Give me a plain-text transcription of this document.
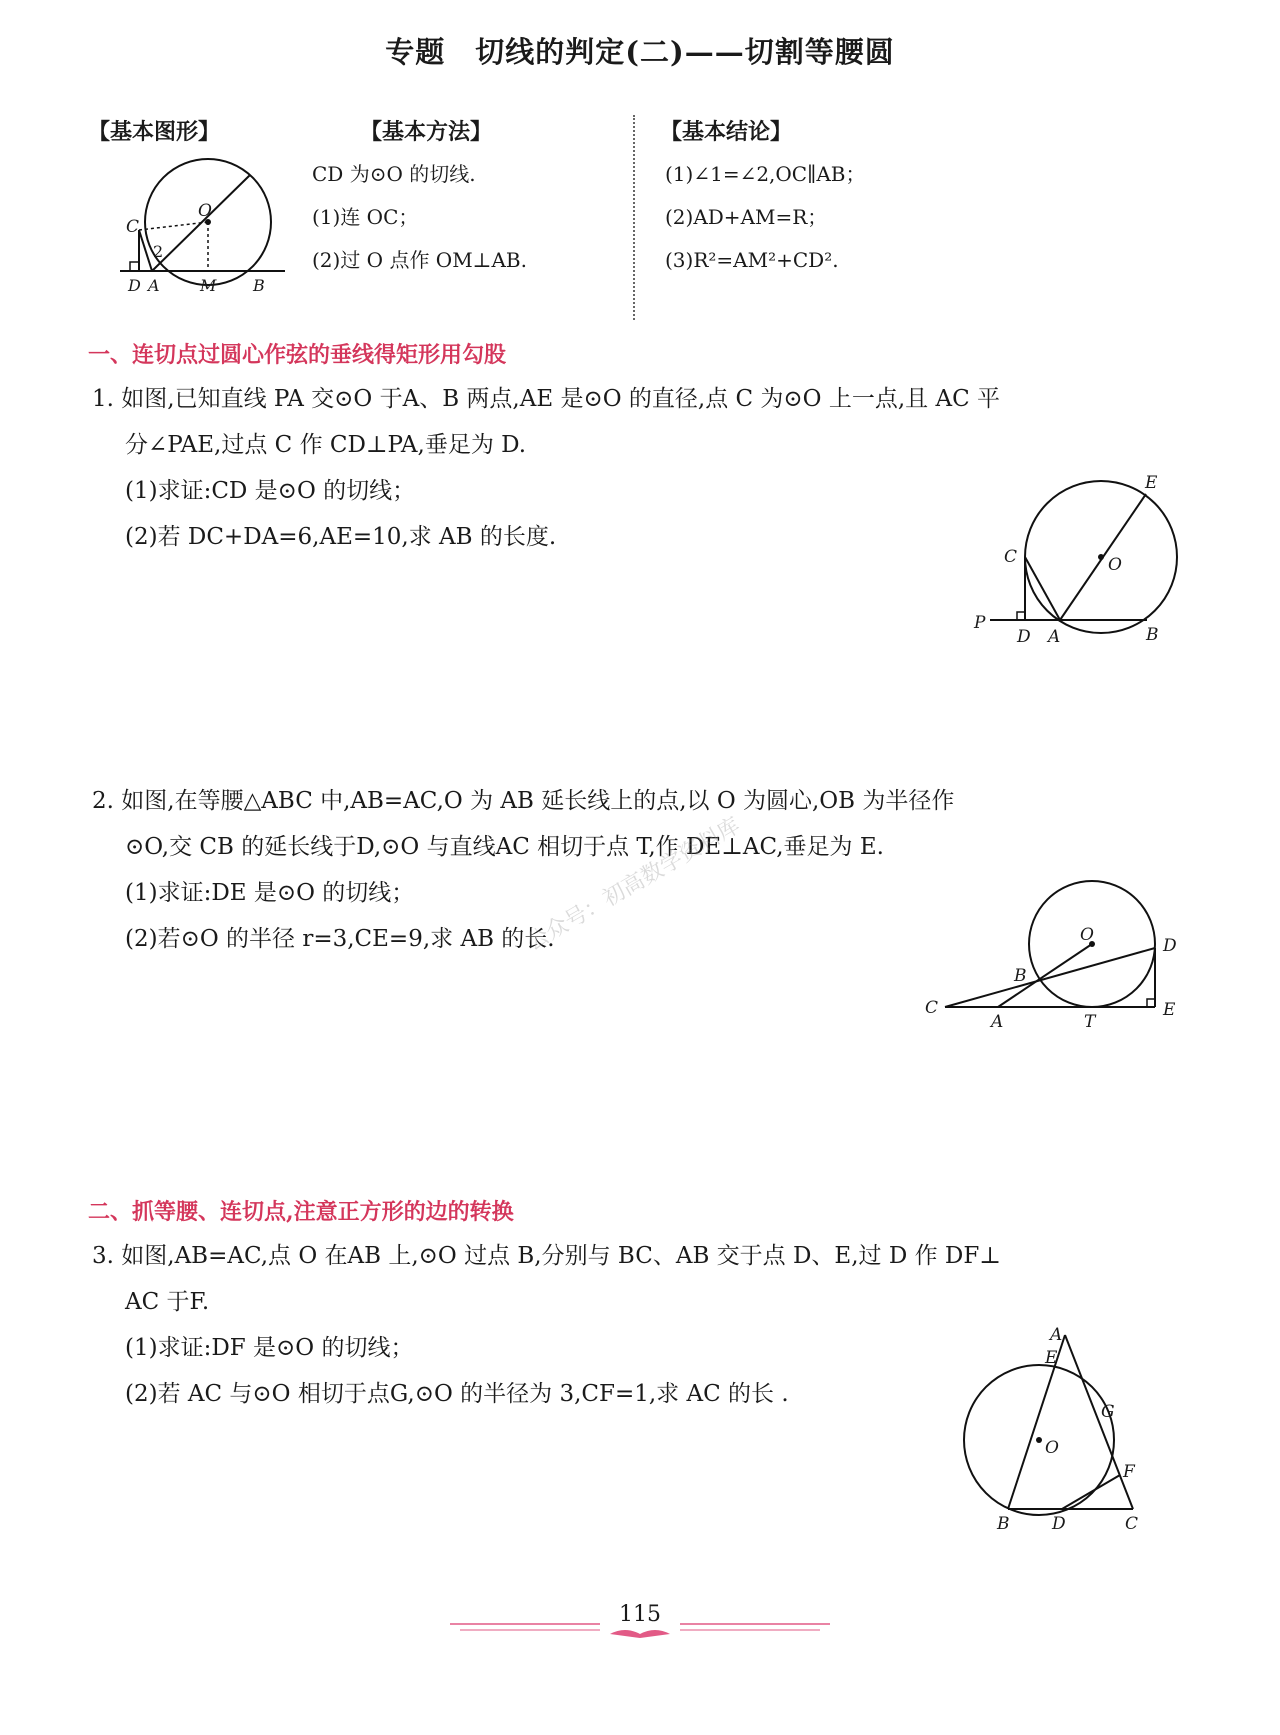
专题　切线的判定(二)——切割等腰圆
【基本图形】	【基本方法】	【基本结论】
C
O
2
D A	M B
CD 为⊙O 的切线.
(1)连 OC；
(2)过 O 点作 OM⊥AB.
(1)∠1=∠2,OC∥AB；
(2)AD+AM=R；
(3)R²=AM²+CD².
一、连切点过圆心作弦的垂线得矩形用勾股
1. 如图,已知直线 PA 交⊙O 于A、B 两点,AE 是⊙O 的直径,点 C 为⊙O 上一点,且 AC 平
分∠PAE,过点 C 作 CD⊥PA,垂足为 D.
(1)求证:CD 是⊙O 的切线；
(2)若 DC+DA=6,AE=10,求 AB 的长度.
E
C	O
P
D A	B
2. 如图,在等腰△ABC 中,AB=AC,O 为 AB 延长线上的点,以 O 为圆心,OB 为半径作
⊙O,交 CB 的延长线于D,⊙O 与直线AC 相切于点 T,作 DE⊥AC,垂足为 E.
(1)求证:DE 是⊙O 的切线；
(2)若⊙O 的半径 r=3,CE=9,求 AB 的长.
公众号：初高数学资料库	O
D
B
C
A	T
E
二、抓等腰、连切点,注意正方形的边的转换
3. 如图,AB=AC,点 O 在AB 上,⊙O 过点 B,分别与 BC、AB 交于点 D、E,过 D 作 DF⊥
AC 于F.
(1)求证:DF 是⊙O 的切线；
(2)若 AC 与⊙O 相切于点G,⊙O 的半径为 3,CF=1,求 AC 的长 .
A
E
G
O
F
B	D	C
115
